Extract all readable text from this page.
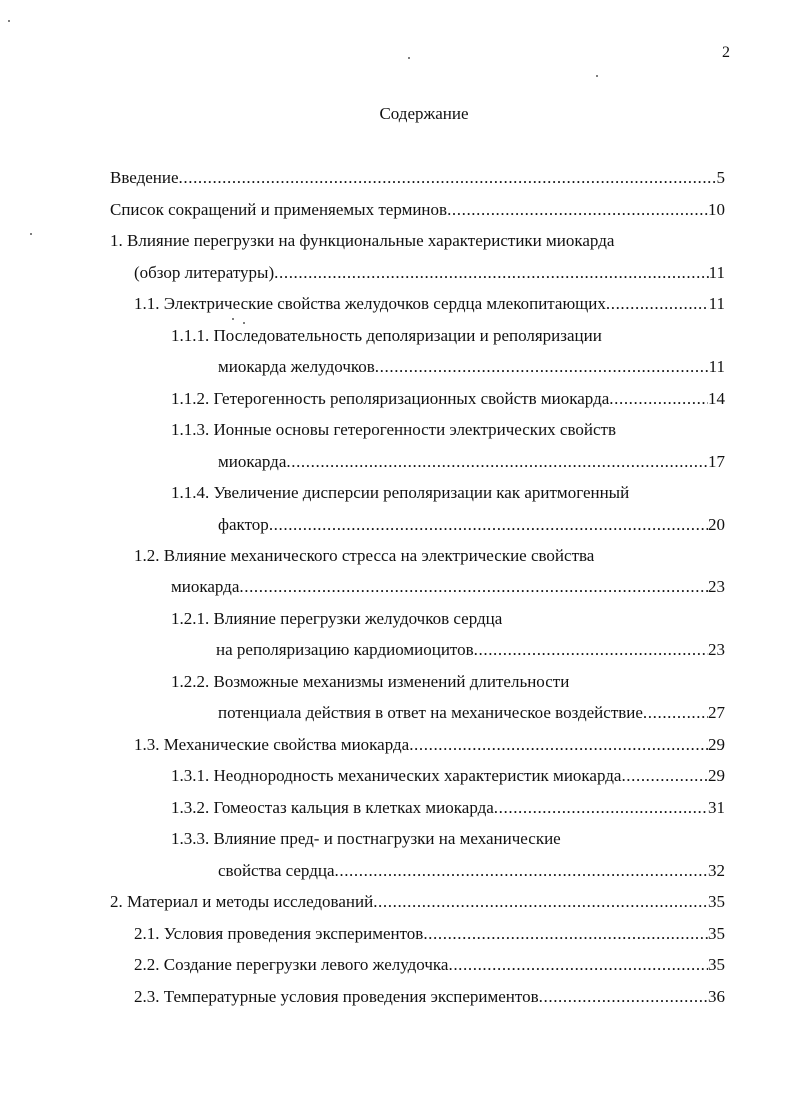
2
Содержание
Введение .....	5
Список сокращений и применяемых терминов .....	10
1. Влияние перегрузки на функциональные характеристики миокарда
(обзор литературы) .....	11
1.1. Электрические свойства желудочков сердца млекопитающих .....	11
1.1.1. Последовательность деполяризации и реполяризации
миокарда желудочков .....	11
1.1.2. Гетерогенность реполяризационных свойств миокарда .....	14
1.1.3. Ионные основы гетерогенности электрических свойств
миокарда .....	17
1.1.4. Увеличение дисперсии реполяризации как аритмогенный
фактор .....	20
1.2. Влияние механического стресса на электрические свойства
миокарда .....	23
1.2.1. Влияние перегрузки желудочков сердца
на реполяризацию кардиомиоцитов .....	23
1.2.2. Возможные механизмы изменений длительности
потенциала действия в ответ на механическое воздействие .....	27
1.3. Механические свойства миокарда .....	29
1.3.1. Неоднородность механических характеристик миокарда .....	29
1.3.2. Гомеостаз кальция в клетках миокарда .....	31
1.3.3. Влияние пред- и постнагрузки на механические
свойства сердца .....	32
2. Материал и методы исследований .....	35
2.1. Условия проведения экспериментов .....	35
2.2. Создание перегрузки левого желудочка .....	35
2.3. Температурные условия проведения экспериментов .....	36
